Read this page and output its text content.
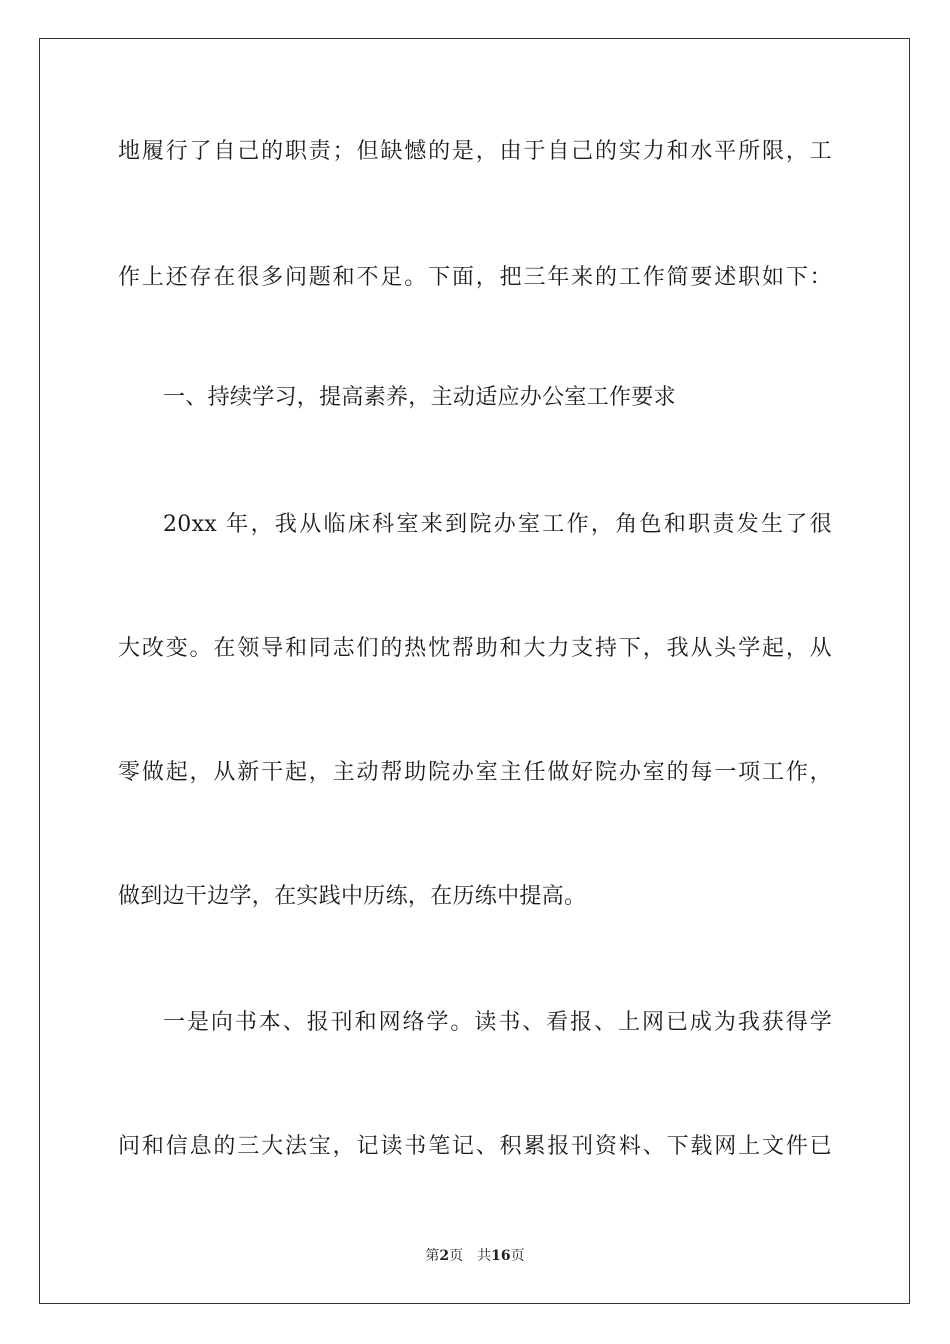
地履行了自己的职责；但缺憾的是，由于自己的实力和水平所限，工
作上还存在很多问题和不足。下面，把三年来的工作简要述职如下：
一、持续学习，提高素养，主动适应办公室工作要求
20xx 年，我从临床科室来到院办室工作，角色和职责发生了很
大改变。在领导和同志们的热忱帮助和大力支持下，我从头学起，从
零做起，从新干起，主动帮助院办室主任做好院办室的每一项工作，
做到边干边学，在实践中历练，在历练中提高。
一是向书本、报刊和网络学。读书、看报、上网已成为我获得学
问和信息的三大法宝，记读书笔记、积累报刊资料、下载网上文件已
第2页 共16页
